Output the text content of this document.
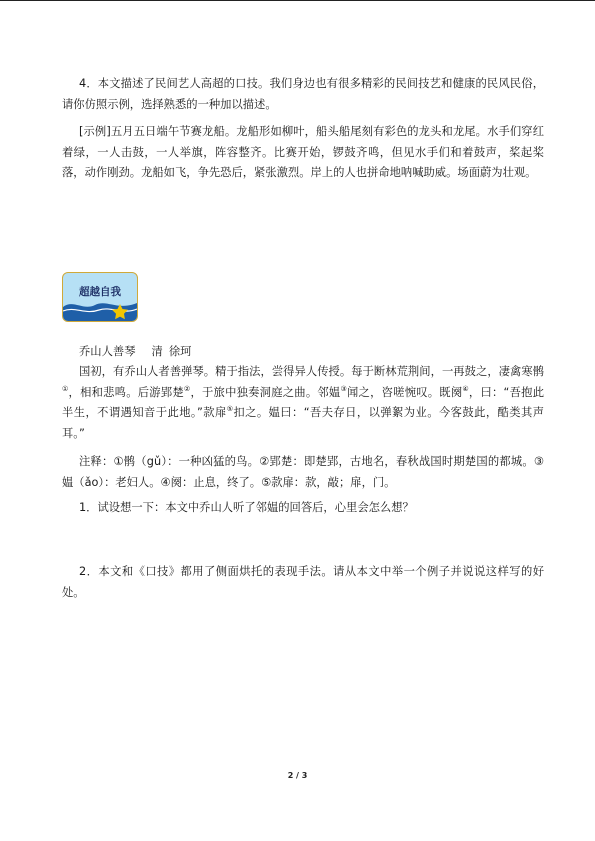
4．本文描述了民间艺人高超的口技。我们身边也有很多精彩的民间技艺和健康的民风民俗，请你仿照示例，选择熟悉的一种加以描述。

[示例]五月五日端午节赛龙船。龙船形如柳叶，船头船尾刻有彩色的龙头和龙尾。水手们穿红着绿，一人击鼓，一人举旗，阵容整齐。比赛开始，锣鼓齐鸣，但见水手们和着鼓声，桨起桨落，动作刚劲。龙船如飞，争先恐后，紧张激烈。岸上的人也拼命地呐喊助威。场面蔚为壮观。

超越自我

乔山人善琴 清 徐珂

国初，有乔山人者善弹琴。精于指法，尝得异人传授。每于断林荒荆间，一再鼓之，凄禽寒鹘①，相和悲鸣。后游郢楚②，于旅中独奏洞庭之曲。邻媪③闻之，咨嗟惋叹。既阕④，曰：“吾抱此半生，不谓遇知音于此地。”款扉⑤扣之。媪曰：“吾夫存日，以弹絮为业。今客鼓此，酷类其声耳。”

注释：①鹘（gǔ）：一种凶猛的鸟。②郢楚：即楚郢，古地名，春秋战国时期楚国的都城。③媪（ǎo）：老妇人。④阕：止息，终了。⑤款扉：款，敲；扉，门。

1．试设想一下：本文中乔山人听了邻媪的回答后，心里会怎么想？

2．本文和《口技》都用了侧面烘托的表现手法。请从本文中举一个例子并说说这样写的好处。

2 / 3
